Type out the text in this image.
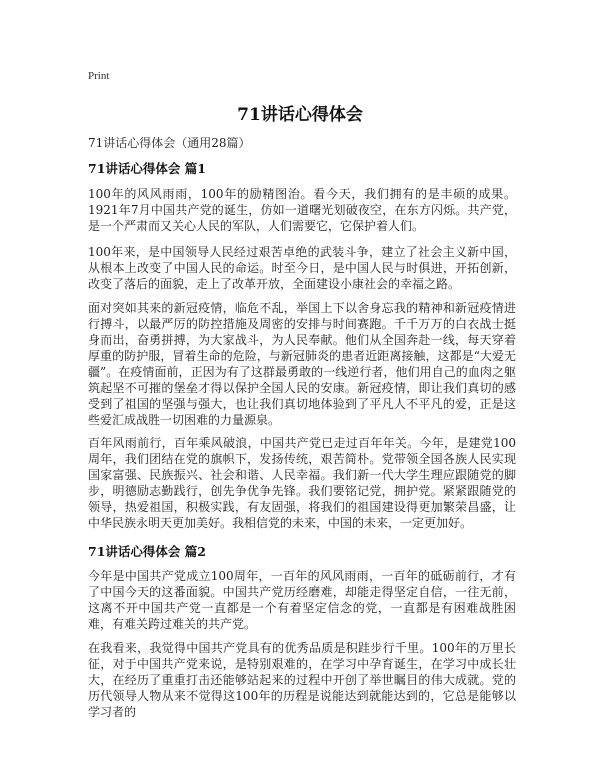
Print
71讲话心得体会
71讲话心得体会（通用28篇）
71讲话心得体会 篇1
100年的风风雨雨，100年的励精图治。看今天，我们拥有的是丰硕的成果。1921年7月中国共产党的诞生，仿如一道曙光划破夜空，在东方闪烁。共产党，是一个严肃而又关心人民的军队，人们需要它，它保护着人们。
100年来，是中国领导人民经过艰苦卓绝的武装斗争，建立了社会主义新中国，从根本上改变了中国人民的命运。时至今日，是中国人民与时俱进，开拓创新，改变了落后的面貌，走上了改革开放，全面建设小康社会的幸福之路。
面对突如其来的新冠疫情，临危不乱，举国上下以舍身忘我的精神和新冠疫情进行搏斗，以最严厉的防控措施及周密的安排与时间赛跑。千千万万的白衣战士挺身而出，奋勇拼搏，为大家战斗，为人民奉献。他们从全国奔赴一线，每天穿着厚重的防护服，冒着生命的危险，与新冠肺炎的患者近距离接触，这都是“大爱无疆”。在疫情面前，正因为有了这群最勇敢的一线逆行者，他们用自己的血肉之躯筑起坚不可摧的堡垒才得以保护全国人民的安康。新冠疫情，即让我们真切的感受到了祖国的坚强与强大，也让我们真切地体验到了平凡人不平凡的爱，正是这些爱汇成战胜一切困难的力量源泉。
百年风雨前行，百年乘风破浪，中国共产党已走过百年年关。今年，是建党100周年，我们团结在党的旗帜下，发扬传统，艰苦简朴。党带领全国各族人民实现国家富强、民族振兴、社会和谐、人民幸福。我们新一代大学生理应跟随党的脚步，明德励志勤践行，创先争优争先锋。我们要铭记党，拥护党。紧紧跟随党的领导，热爱祖国，积极实践，有友固强，将我们的祖国建设得更加繁荣昌盛，让中华民族永明天更加美好。我相信党的未来，中国的未来，一定更加好。
71讲话心得体会 篇2
今年是中国共产党成立100周年，一百年的风风雨雨，一百年的砥砺前行，才有了中国今天的这番面貌。中国共产党历经磨难，却能走得坚定自信，一往无前，这离不开中国共产党一直都是一个有着坚定信念的党，一直都是有困难战胜困难，有难关跨过难关的共产党。
在我看来，我觉得中国共产党具有的优秀品质是积跬步行千里。100年的万里长征，对于中国共产党来说，是特别艰难的，在学习中孕育诞生，在学习中成长壮大，在经历了重重打击还能够站起来的过程中开创了举世瞩目的伟大成就。党的历代领导人物从来不觉得这100年的历程是说能达到就能达到的，它总是能够以学习者的
